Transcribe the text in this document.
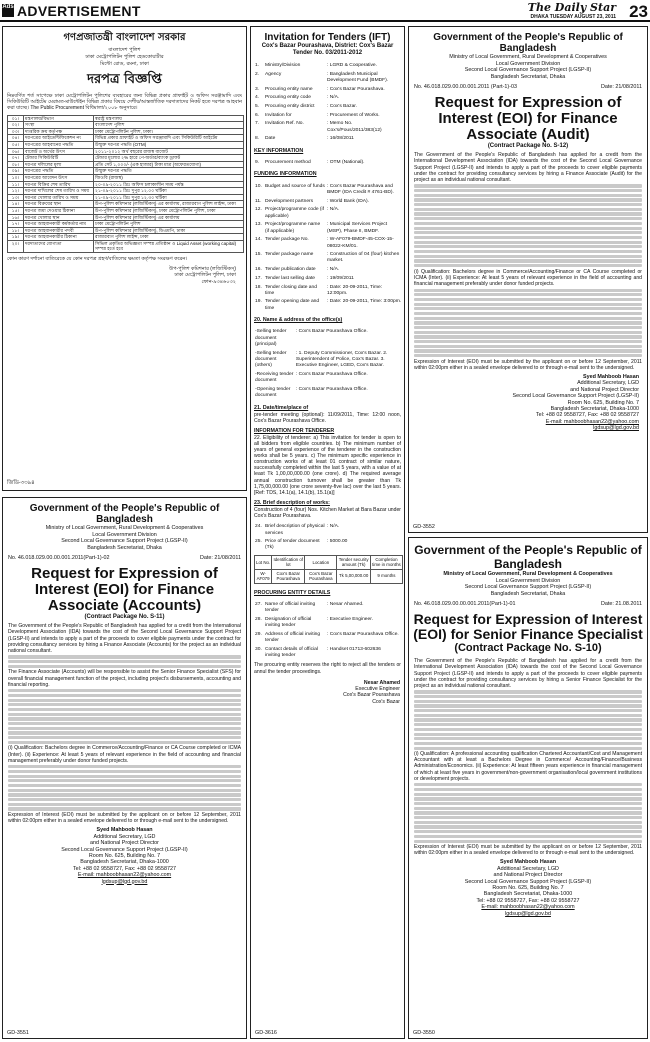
Ads ADVERTISEMENT	The Daily Star
DHAKA TUESDAY AUGUST 23, 2011 23
গণপ্রজাতন্ত্রী বাংলাদেশ সরকার
বাংলাদেশ পুলিশ
ঢাকা মেট্রোপলিটন পুলিশ হেডকোয়ার্টার
মিন্টো রোড, রমনা, ঢাকা
দরপত্র বিজ্ঞপ্তি
নিম্নবর্ণিত শর্ত সাপেক্ষে ঢাকা মেট্রোপলিটন পুলিশের ব্যবহারের জন্য বিভিন্ন প্রকার গ্রাফাইট ও অফিস সরঞ্জামাদি এবং সিকিউরিটি আইটেম মেরামত-মাউন্টেইন বিভিন্ন প্রকার বিষয়ে দেশীয়/আন্তর্জাতিক দরদাতাদের নিকট হতে দরপত্র আহবান করা যাচ্ছে। The Public Procurement বিধিমালা/২০০৮ অনুসারে।
০১।	মন্ত্রণালয়/বিভাগ	স্বরাষ্ট্র মন্ত্রণালয়
০২।	সংস্থা	বাংলাদেশ পুলিশ
০৩।	দাপ্তরিক ক্রয় কর্তৃপক্ষ	ঢাকা মেট্রোপলিটন পুলিশ, ঢাকা।
০৪।	দরপত্রের আইডেন্টিফিকেশন নং	বিভিন্ন প্রকার গ্রাফাইট ও অফিস সরঞ্জামাদি এবং সিকিউরিটি আইটেম
০৫।	দরপত্রের আহবানের পদ্ধতি	উন্মুক্ত দরপত্র পদ্ধতি (OTM)
০৬।	বাজেট ও অর্থের উৎস	২০১১-২০১২ অর্থ বছরের রাজস্ব বাজেট
০৭।	টেন্ডার সিকিউরিটি	টেন্ডার মূল্যের ২% হারে পে-অর্ডার/ব্যাংক ড্রাফট
০৮।	দরপত্র দলিলের মূল্য	প্রতি সেট ১,০০০/- (এক হাজার) টাকা মাত্র (অফেরতযোগ্য)
০৯।	দরপত্রের পদ্ধতি	উন্মুক্ত দরপত্র পদ্ধতি
১০।	দরপত্রের আবেদন উৎস	জিওবি (রাজস্ব)
১১।	দরপত্র বিক্রির শেষ তারিখ	২০-০৯-২০১১ খ্রিঃ অফিস চলাকালীন সময় পর্যন্ত
১২।	দরপত্র দাখিলের শেষ তারিখ ও সময়	২১-০৯-২০১১ খ্রিঃ দুপুর ১২.০০ ঘটিকা
১৩।	দরপত্র খোলার তারিখ ও সময়	২১-০৯-২০১১ খ্রিঃ দুপুর ১২.৩০ ঘটিকা
১৪।	দরপত্র বিক্রয়ের স্থান	উপ-পুলিশ কমিশনার (লজিস্টিকস্‌) এর কার্যালয়, রাজারবাগ পুলিশ লাইন্স, ঢাকা
১৫।	দরপত্র জমা দেওয়ার ঠিকানা	উপ-পুলিশ কমিশনার (লজিস্টিকস্‌), ঢাকা মেট্রোপলিটন পুলিশ, ঢাকা
১৬।	দরপত্র খোলার স্থান	উপ-পুলিশ কমিশনার (লজিস্টিকস্‌) এর কার্যালয়
১৭।	দরপত্র আহবানকারী কর্মকর্তার নাম	ঢাকা মেট্রোপলিটন পুলিশ
১৮।	দরপত্র আহবানকারীর পদবী	উপ-পুলিশ কমিশনার (লজিস্টিকস্‌), ডিএমপি, ঢাকা
১৯।	দরপত্র আহবানকারীর ঠিকানা	রাজারবাগ পুলিশ লাইন্স, ঢাকা
২০।	দরদাতাদের যোগ্যতা	সিভিল প্রকৃতির অভিজ্ঞতা সম্পন্ন প্রতিষ্ঠান ও Liquid Asset (working capital) সম্পন্ন হতে হবে
কোন কারণ দর্শানো ব্যতিরেকে যে কোন দরপত্র গ্রহণ/বাতিলের ক্ষমতা কর্তৃপক্ষ সংরক্ষণ করেন।
উপ-পুলিশ কমিশনার (লজিস্টিকস্‌)
ঢাকা মেট্রোপলিটন পুলিশ, ঢাকা
ফোন-৯৩৪৬০৩২
জিডি-৩৩৯৪
Government of the People's Republic of Bangladesh
Ministry of Local Government, Rural Development & Cooperatives
Local Government Division
Second Local Governance Support Project (LGSP-II)
Bangladesh Secretariat, Dhaka
No. 46.018.029.00.00.001.2011(Part-1)-02	Date: 21/08/2011
Request for Expression of Interest (EOI) for Finance Associate (Accounts)
(Contract Package No. S-11)

The Government of the People's Republic of Bangladesh has applied for a credit from the International Development Association (IDA) towards the cost of the Second Local Governance Support Project (LGSP-II) and intends to apply a part of the proceeds to cover eligible payments under the contract for providing consultancy services by hiring a Finance Associate (Accounts) for the project as an individual national consultant.

The Finance Associate (Accounts) will be responsible to assist the Senior Finance Specialist (SFS) for overall financial management function of the project, including project's disbursements, accounting and financial reporting.

(i) Qualification: Bachelors degree in Commerce/Accounting/Finance or CA Course completed or ICMA (Inter). (ii) Experience: At least 5 years of relevant experience in the field of accounting and financial management preferably under donor funded projects.

Expression of Interest (EOI) must be submitted by the applicant on or before 12 September, 2011 within 02:00pm either in a sealed envelope delivered to or through e-mail sent to the undersigned.

Syed Mahboob Hasan
Additional Secretary, LGD
and National Project Director
Second Local Governance Support Project (LGSP-II)
Room No. 625, Building No. 7
Bangladesh Secretariat, Dhaka-1000
Tel: +88 02 9558727, Fax: +88 02 9558727
E-mail: mahboobhasan22@yahoo.com
lgdsup@lgd.gov.bd
GD-3551
Invitation for Tenders (IFT)
Cox's Bazar Pourashava, District: Cox's Bazar
Tender No. 03/2011-2012
1.	Ministry/Division	: LGRD & Cooperative.
2.	Agency	: Bangladesh Municipal Development Fund (BMDF).
3.	Procuring entity name	: Cox's Bazar Pourashava.
4.	Procuring entity code	: N/A.
5.	Procuring entity district	: Cox's Bazar.
6.	Invitation for	: Procurement of Works.
7.	Invitation Ref. No.	: Memo No. Cox's/Pous/2011/383(12)
8.	Date	: 16/08/2011
KEY INFORMATION
9.	Procurement method	: OTM (National).
FUNDING INFORMATION
10.	Budget and source of funds	: Cox's Bazar Pourashava and BMDF (IDA Credit # 4761-BD).
11.	Development partners	: World Bank (IDA).
12.	Project/programme code (if applicable)	: N/A.
13.	Project/programme name (if applicable)	: Municipal Services Project (MSP), Phase II, BMDF.
14.	Tender package No.	: W-AF079-BMDF-45-COX-15-08022-KM/01.
15.	Tender package name	: Construction of 04 (four) kitchen market.
16.	Tender publication date	: N/A.
17.	Tender last selling date	: 19/09/2011
18.	Tender closing date and time	: Date: 20-09-2011, Time: 12:00pm.
19.	Tender opening date and time	: Date: 20-09-2011, Time: 3:00pm.
20. Name & address of the office(s)
-Selling tender document (principal)	: Cox's Bazar Pourashava Office.
-Selling tender document (others)	: 1. Deputy Commissioner, Cox's Bazar. 2. Superintendent of Police, Cox's Bazar. 3. Executive Engineer, LGED, Cox's Bazar.
-Receiving tender document	: Cox's Bazar Pourashava Office.
-Opening tender document	: Cox's Bazar Pourashava Office.
21. Date/time/place of
pre-tender meeting (optional): 11/09/2011, Time: 12:00 noon, Cox's Bazar Pourashava Office.
INFORMATION FOR TENDERER
22. Eligibility of tenderer: a) This invitation for tender is open to all bidders from eligible countries. b) The minimum number of years of general experience of the tenderer in the construction works shall be 5 years. c) The minimum specific experience in construction works of at least 01 contract of similar nature, successfully completed within the last 5 years, with a value of at least Tk 1,00,00,000.00 (one crore). d) The required average annual construction turnover shall be greater than Tk 1,75,00,000.00 (one crore seventy-five lac) over the last 5 years. [Ref: TDS, 14.1(a), 14.1(b), 15.1(a)]
23. Brief description of works:
Construction of 4 (four) Nos. Kitchen Market at Bara Bazar under Cox's Bazar Pourashava.
24.	Brief description of physical services	: N/A.
25.	Price of tender document (Tk)	: 5000.00
Lot No.	Identification of lot	Location	Tender security amount (Tk)	Completion time in months
W-AF079	Cox's Bazar Pourashava	Cox's Bazar Pourashava	Tk 5,00,000.00	9 months
PROCURING ENTITY DETAILS
27.	Name of official inviting tender	: Nesar Ahamed.
28.	Designation of official inviting tender	: Executive Engineer.
29.	Address of official inviting tender	: Cox's Bazar Pourashava Office.
30.	Contact details of official inviting tender	: Handset 01713-602636
The procuring entity reserves the right to reject all the tenders or annul the tender proceedings.
Nesar Ahamed
Executive Engineer
Cox's Bazar Pourashava
Cox's Bazar
GD-3616
Government of the People's Republic of Bangladesh
Ministry of Local Government, Rural Development & Cooperatives
Local Government Division
Second Local Governance Support Project (LGSP-II)
Bangladesh Secretariat, Dhaka
No. 46.018.029.00.00.001.2011 (Part-1)-03	Date: 21/08/2011
Request for Expression of Interest (EOI) for Finance Associate (Audit)
(Contract Package No. S-12)

The Government of the People's Republic of Bangladesh has applied for a credit from the International Development Association (IDA) towards the cost of the Second Local Governance Support Project (LGSP-II) and intends to apply a part of the proceeds to cover eligible payments under the contract for providing consultancy services by hiring a Finance Associate (Audit) for the project as an individual national consultant.

(i) Qualification: Bachelors degree in Commerce/Accounting/Finance or CA Course completed or ICMA (Inter). (ii) Experience: At least 5 years of relevant experience in the field of accounting and financial management preferably under donor funded projects.

Expression of Interest (EOI) must be submitted by the applicant on or before 12 September, 2011 within 02:00pm either in a sealed envelope delivered to or through e-mail sent to the undersigned.

Syed Mahboob Hasan
Additional Secretary, LGD
and National Project Director
Second Local Governance Support Project (LGSP-II)
Room No. 625, Building No. 7
Bangladesh Secretariat, Dhaka-1000
Tel: +88 02 9558727, Fax: +88 02 9558727
E-mail: mahboobhasan22@yahoo.com
lgdsup@lgd.gov.bd
GD-3552
Government of the People's Republic of Bangladesh
Ministry of Local Government, Rural Development & Cooperatives
Local Government Division
Second Local Governance Support Project (LGSP-II)
Bangladesh Secretariat, Dhaka
No. 46.018.029.00.00.001.2011(Part-1)-01	Date: 21.08.2011
Request for Expression of Interest (EOI) for Senior Finance Specialist
(Contract Package No. S-10)

The Government of the People's Republic of Bangladesh has applied for a credit from the International Development Association (IDA) towards the cost of the Second Local Governance Support Project (LGSP-II) and intends to apply a part of the proceeds to cover eligible payments under the contract for providing consultancy services by hiring a Senior Finance Specialist for the project as an individual national consultant.

(i) Qualification: A professional accounting qualification Chartered Accountant/Cost and Management Accountant with at least a Bachelors Degree in Commerce/ Accounting/Finance/Business Administration/Economics. (ii) Experience: At least fifteen years experience in financial management of which at least five years in government/non-government organisation/local government institutions or development projects.

Expression of Interest (EOI) must be submitted by the applicant on or before 12 September, 2011 within 02:00pm either in a sealed envelope delivered to or through e-mail sent to the undersigned.

Syed Mahboob Hasan
Additional Secretary, LGD
and National Project Director
Second Local Governance Support Project (LGSP-II)
Room No. 625, Building No. 7
Bangladesh Secretariat, Dhaka-1000
Tel: +88 02 9558727, Fax: +88 02 9558727
E-mail: mahboobhasan22@yahoo.com
lgdsup@lgd.gov.bd
GD-3550
